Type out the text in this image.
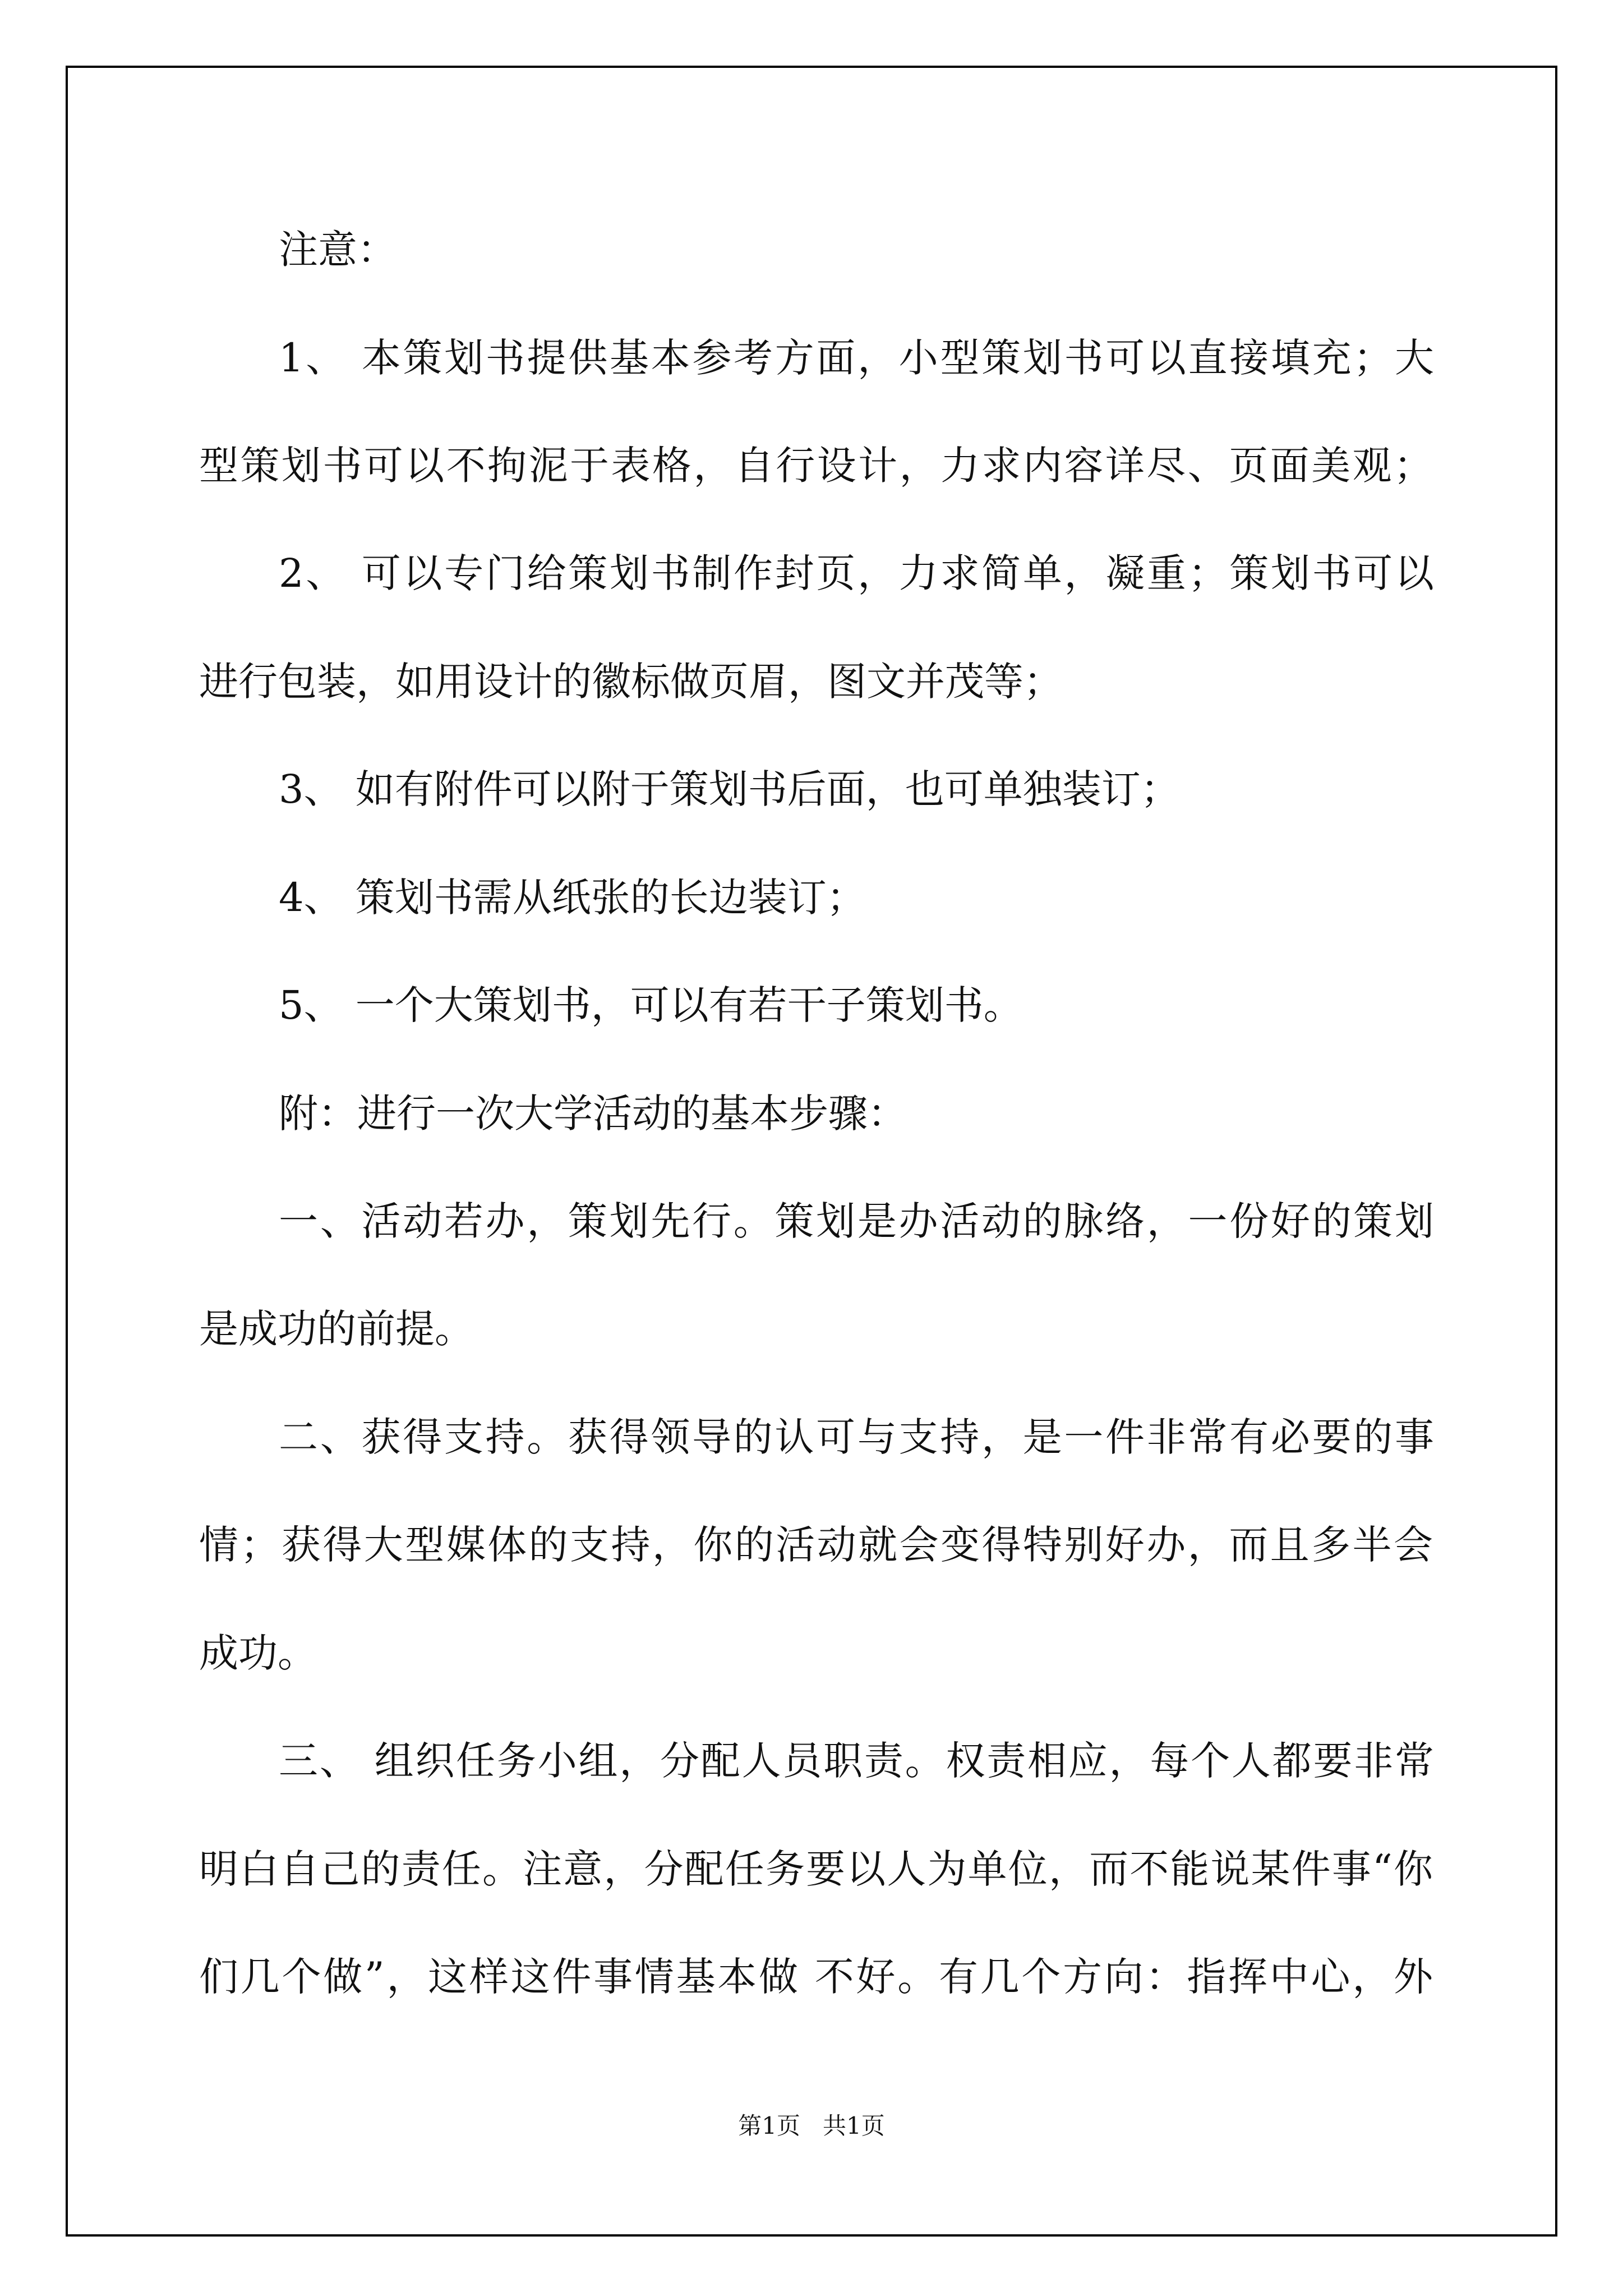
注意：
1、 本策划书提供基本参考方面，小型策划书可以直接填充；大
型策划书可以不拘泥于表格，自行设计，力求内容详尽、页面美观；
2、 可以专门给策划书制作封页，力求简单，凝重；策划书可以
进行包装，如用设计的徽标做页眉，图文并茂等；
3、 如有附件可以附于策划书后面，也可单独装订；
4、 策划书需从纸张的长边装订；
5、 一个大策划书，可以有若干子策划书。
附：进行一次大学活动的基本步骤：
一、活动若办，策划先行。策划是办活动的脉络，一份好的策划
是成功的前提。
二、获得支持。获得领导的认可与支持，是一件非常有必要的事
情；获得大型媒体的支持，你的活动就会变得特别好办，而且多半会
成功。
三、 组织任务小组，分配人员职责。权责相应，每个人都要非常
明白自己的责任。注意，分配任务要以人为单位，而不能说某件事“你
们几个做”，这样这件事情基本做 不好。有几个方向：指挥中心，外
第1页   共1页
